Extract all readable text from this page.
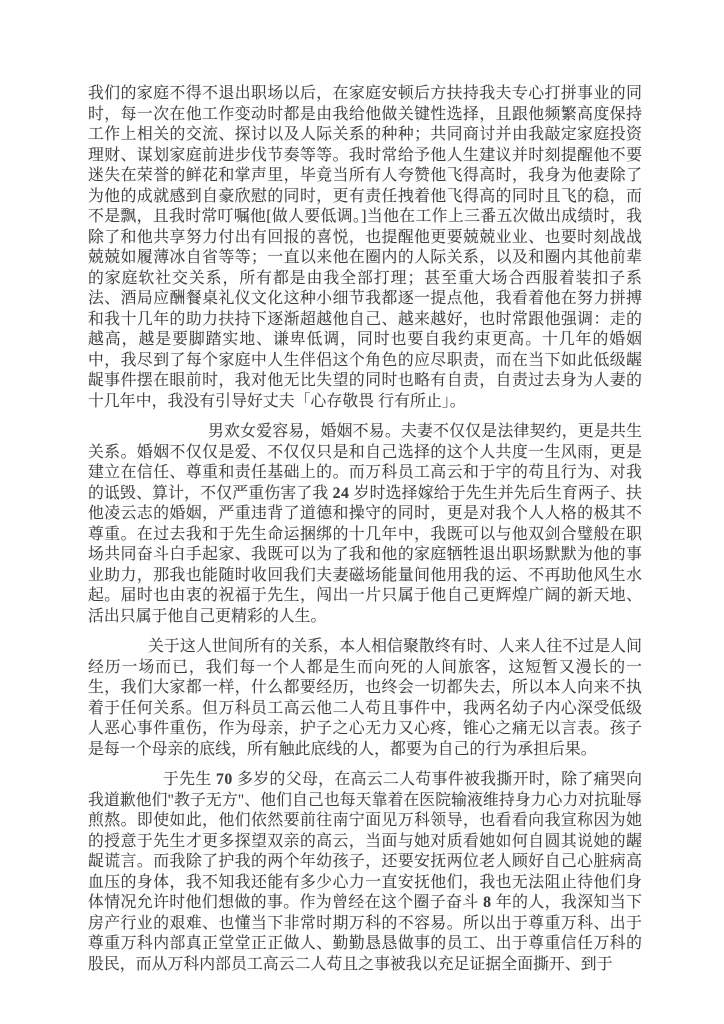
我们的家庭不得不退出职场以后，在家庭安顿后方扶持我夫专心打拼事业的同时，每一次在他工作变动时都是由我给他做关键性选择，且跟他频繁高度保持工作上相关的交流、探讨以及人际关系的种种；共同商讨并由我敲定家庭投资理财、谋划家庭前进步伐节奏等等。我时常给予他人生建议并时刻提醒他不要迷失在荣誉的鲜花和掌声里，毕竟当所有人夸赞他飞得高时，我身为他妻除了为他的成就感到自豪欣慰的同时，更有责任拽着他飞得高的同时且飞的稳，而不是飘，且我时常叮嘱他[做人要低调。]当他在工作上三番五次做出成绩时，我除了和他共享努力付出有回报的喜悦，也提醒他更要兢兢业业、也要时刻战战兢兢如履薄冰自省等等；一直以来他在圈内的人际关系，以及和圈内其他前辈的家庭软社交关系，所有都是由我全部打理；甚至重大场合西服着装扣子系法、酒局应酬餐桌礼仪文化这种小细节我都逐一提点他，我看着他在努力拼搏和我十几年的助力扶持下逐渐超越他自己、越来越好，也时常跟他强调：走的越高，越是要脚踏实地、谦卑低调，同时也要自我约束更高。十几年的婚姻中，我尽到了每个家庭中人生伴侣这个角色的应尽职责，而在当下如此低级龌龊事件摆在眼前时，我对他无比失望的同时也略有自责，自责过去身为人妻的十几年中，我没有引导好丈夫「心存敬畏 行有所止」。

男欢女爱容易，婚姻不易。夫妻不仅仅是法律契约，更是共生关系。婚姻不仅仅是爱、不仅仅只是和自己选择的这个人共度一生风雨，更是建立在信任、尊重和责任基础上的。而万科员工高云和于宇的苟且行为、对我的诋毁、算计，不仅严重伤害了我 24 岁时选择嫁给于先生并先后生育两子、扶他凌云志的婚姻，严重违背了道德和操守的同时，更是对我个人人格的极其不尊重。在过去我和于先生命运捆绑的十几年中，我既可以与他双剑合璧般在职场共同奋斗白手起家、我既可以为了我和他的家庭牺牲退出职场默默为他的事业助力，那我也能随时收回我们夫妻磁场能量间他用我的运、不再助他风生水起。届时也由衷的祝福于先生，闯出一片只属于他自己更辉煌广阔的新天地、活出只属于他自己更精彩的人生。

关于这人世间所有的关系，本人相信聚散终有时、人来人往不过是人间经历一场而已，我们每一个人都是生而向死的人间旅客，这短暂又漫长的一生，我们大家都一样，什么都要经历，也终会一切都失去，所以本人向来不执着于任何关系。但万科员工高云他二人苟且事件中，我两名幼子内心深受低级人恶心事件重伤，作为母亲，护子之心无力又心疼，锥心之痛无以言表。孩子是每一个母亲的底线，所有触此底线的人，都要为自己的行为承担后果。

于先生 70 多岁的父母，在高云二人苟事件被我撕开时，除了痛哭向我道歉他们"教子无方"、他们自己也每天靠着在医院输液维持身力心力对抗耻辱煎熬。即使如此，他们依然要前往南宁面见万科领导，也看看向我宣称因为她的授意于先生才更多探望双亲的高云，当面与她对质看她如何自圆其说她的龌龊谎言。而我除了护我的两个年幼孩子，还要安抚两位老人顾好自己心脏病高血压的身体，我不知我还能有多少心力一直安抚他们，我也无法阻止待他们身体情况允许时他们想做的事。作为曾经在这个圈子奋斗 8 年的人，我深知当下房产行业的艰难、也懂当下非常时期万科的不容易。所以出于尊重万科、出于尊重万科内部真正堂堂正正做人、勤勤恳恳做事的员工、出于尊重信任万科的股民，而从万科内部员工高云二人苟且之事被我以充足证据全面撕开、到于
